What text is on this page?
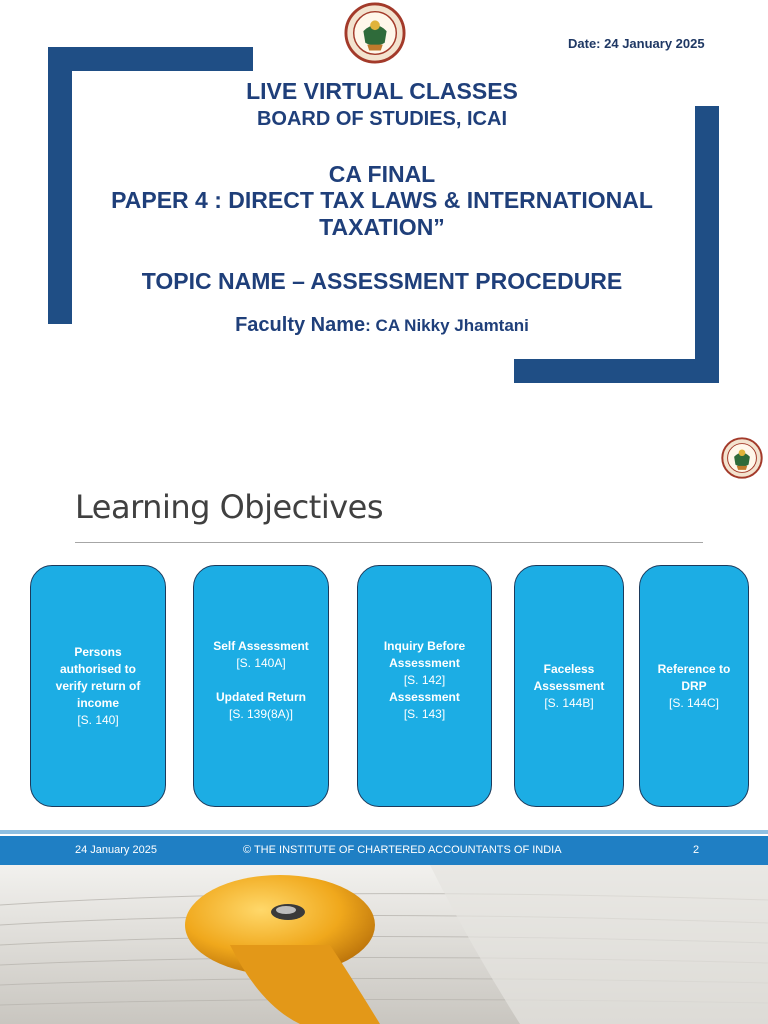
Date: 24 January 2025
LIVE VIRTUAL CLASSES
BOARD OF STUDIES, ICAI
CA FINAL
PAPER 4 : DIRECT TAX LAWS & INTERNATIONAL TAXATION”
TOPIC NAME – ASSESSMENT PROCEDURE
Faculty Name: CA Nikky Jhamtani
Learning Objectives
Persons authorised to verify return of income
[S. 140]
Self Assessment
[S. 140A]
Updated Return
[S. 139(8A)]
Inquiry Before Assessment
[S. 142]
Assessment
[S. 143]
Faceless Assessment
[S. 144B]
Reference to DRP
[S. 144C]
24 January 2025	© THE INSTITUTE OF CHARTERED ACCOUNTANTS OF INDIA	2
